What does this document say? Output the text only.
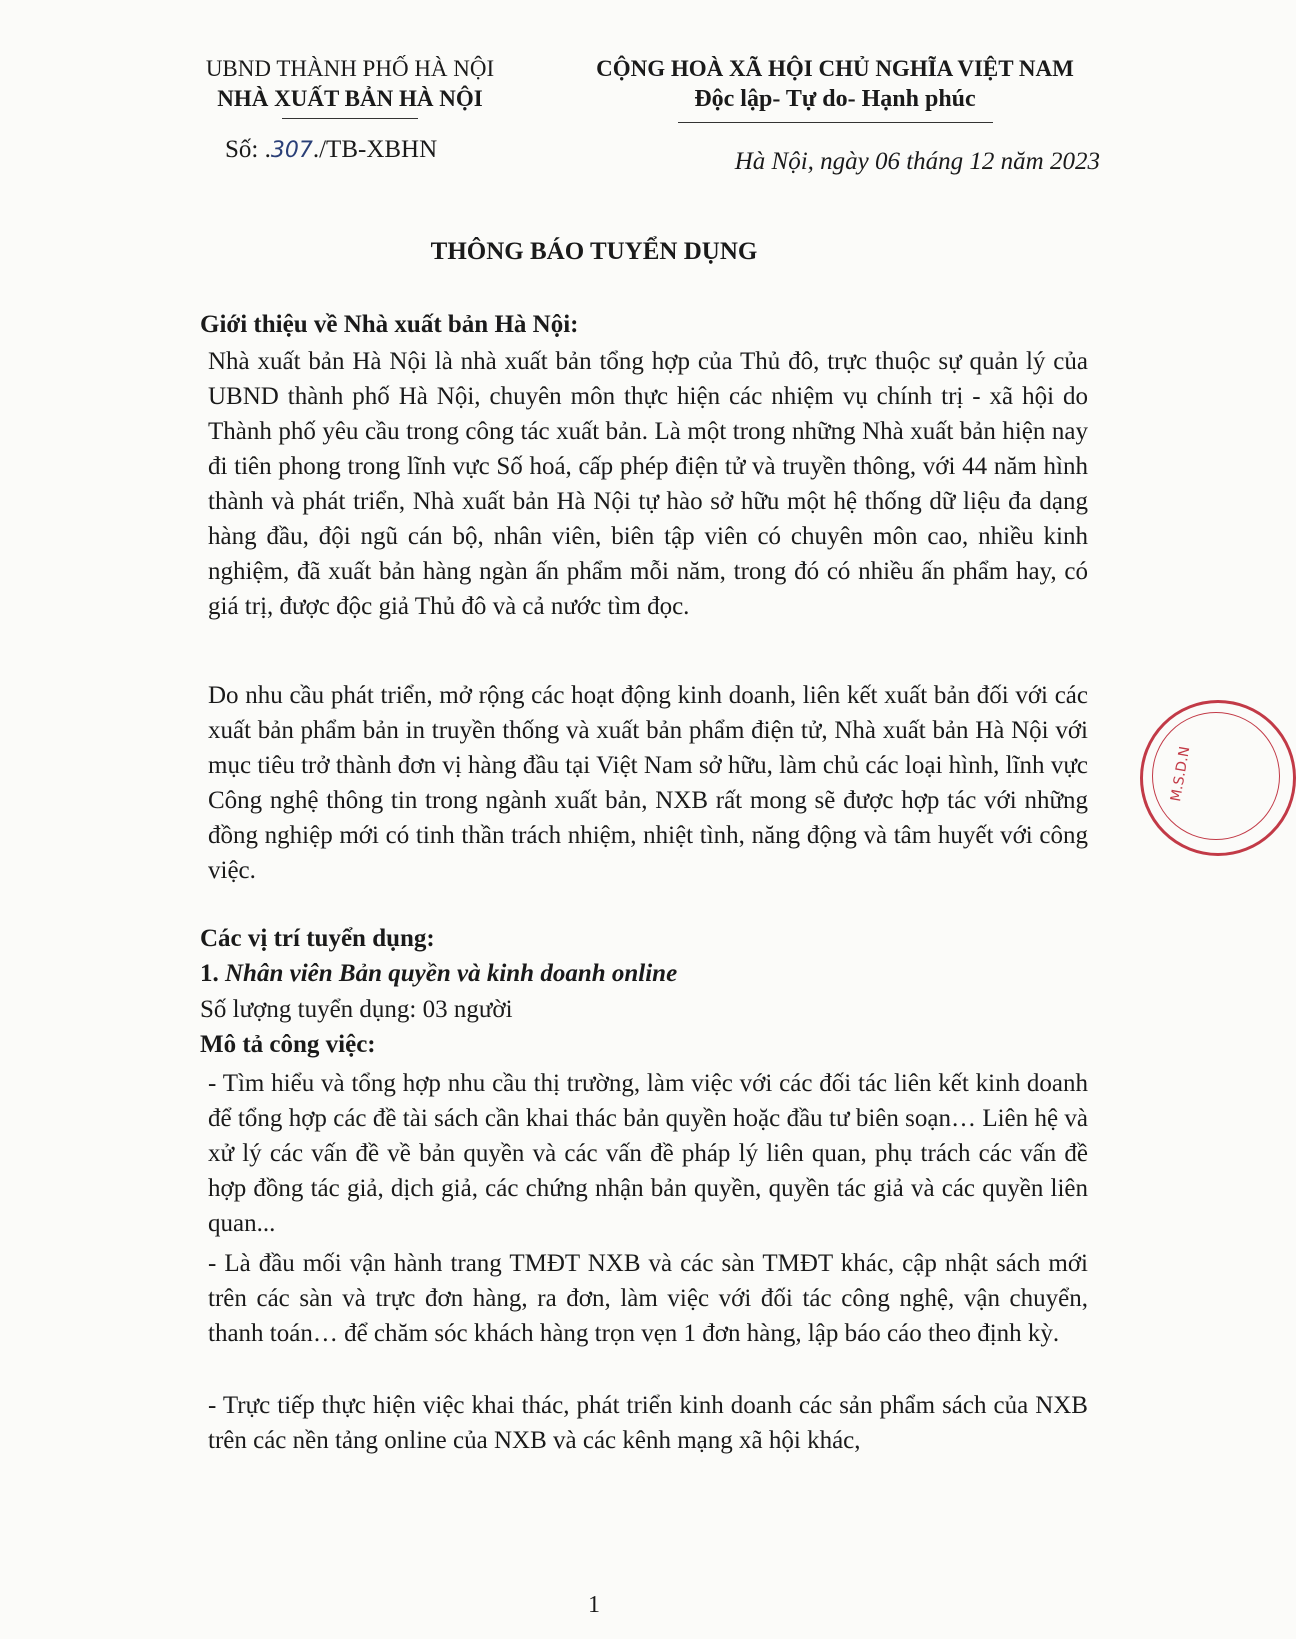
UBND THÀNH PHỐ HÀ NỘI
NHÀ XUẤT BẢN HÀ NỘI
CỘNG HOÀ XÃ HỘI CHỦ NGHĨA VIỆT NAM
Độc lập- Tự do- Hạnh phúc
Số: .307./TB-XBHN	Hà Nội, ngày 06 tháng 12 năm 2023
THÔNG BÁO TUYỂN DỤNG
Giới thiệu về Nhà xuất bản Hà Nội:

Nhà xuất bản Hà Nội là nhà xuất bản tổng hợp của Thủ đô, trực thuộc sự quản lý của UBND thành phố Hà Nội, chuyên môn thực hiện các nhiệm vụ chính trị - xã hội do Thành phố yêu cầu trong công tác xuất bản. Là một trong những Nhà xuất bản hiện nay đi tiên phong trong lĩnh vực Số hoá, cấp phép điện tử và truyền thông, với 44 năm hình thành và phát triển, Nhà xuất bản Hà Nội tự hào sở hữu một hệ thống dữ liệu đa dạng hàng đầu, đội ngũ cán bộ, nhân viên, biên tập viên có chuyên môn cao, nhiều kinh nghiệm, đã xuất bản hàng ngàn ấn phẩm mỗi năm, trong đó có nhiều ấn phẩm hay, có giá trị, được độc giả Thủ đô và cả nước tìm đọc.

Do nhu cầu phát triển, mở rộng các hoạt động kinh doanh, liên kết xuất bản đối với các xuất bản phẩm bản in truyền thống và xuất bản phẩm điện tử, Nhà xuất bản Hà Nội với mục tiêu trở thành đơn vị hàng đầu tại Việt Nam sở hữu, làm chủ các loại hình, lĩnh vực Công nghệ thông tin trong ngành xuất bản, NXB rất mong sẽ được hợp tác với những đồng nghiệp mới có tinh thần trách nhiệm, nhiệt tình, năng động và tâm huyết với công việc.

Các vị trí tuyển dụng:
1. Nhân viên Bản quyền và kinh doanh online
Số lượng tuyển dụng: 03 người
Mô tả công việc:

- Tìm hiểu và tổng hợp nhu cầu thị trường, làm việc với các đối tác liên kết kinh doanh để tổng hợp các đề tài sách cần khai thác bản quyền hoặc đầu tư biên soạn… Liên hệ và xử lý các vấn đề về bản quyền và các vấn đề pháp lý liên quan, phụ trách các vấn đề hợp đồng tác giả, dịch giả, các chứng nhận bản quyền, quyền tác giả và các quyền liên quan...

- Là đầu mối vận hành trang TMĐT NXB và các sàn TMĐT khác, cập nhật sách mới trên các sàn và trực đơn hàng, ra đơn, làm việc với đối tác công nghệ, vận chuyển, thanh toán… để chăm sóc khách hàng trọn vẹn 1 đơn hàng, lập báo cáo theo định kỳ.

- Trực tiếp thực hiện việc khai thác, phát triển kinh doanh các sản phẩm sách của NXB trên các nền tảng online của NXB và các kênh mạng xã hội khác,

M.S.D.N
1
